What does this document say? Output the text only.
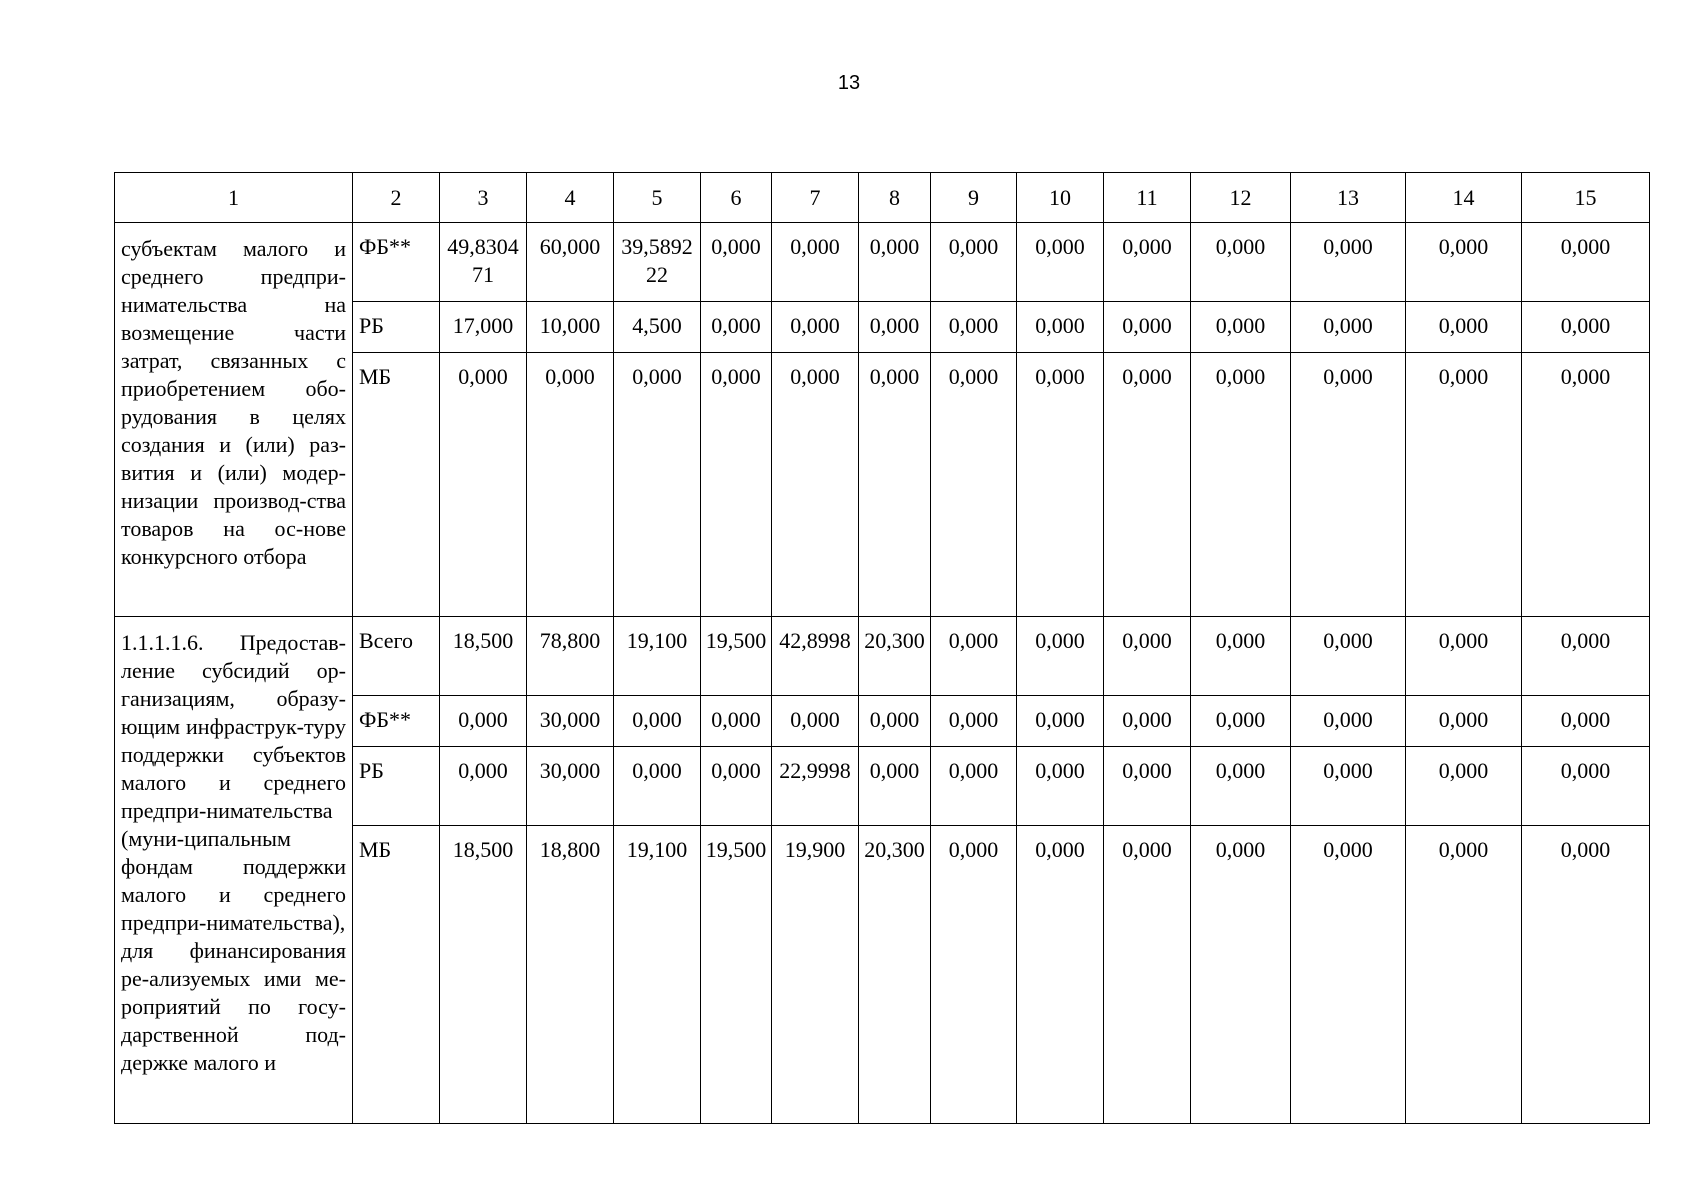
13
1	2	3	4	5	6	7	8	9	10	11	12	13	14	15
субъектам малого и среднего предпри-нимательства на возмещение части затрат, связанных с приобретением обо-рудования в целях создания и (или) раз-вития и (или) модер-низации производ-ства товаров на ос-нове конкурсного отбора	ФБ**	49,830471	60,000	39,589222	0,000	0,000	0,000	0,000	0,000	0,000	0,000	0,000	0,000	0,000
	РБ	17,000	10,000	4,500	0,000	0,000	0,000	0,000	0,000	0,000	0,000	0,000	0,000	0,000
	МБ	0,000	0,000	0,000	0,000	0,000	0,000	0,000	0,000	0,000	0,000	0,000	0,000	0,000
1.1.1.1.6. Предостав-ление субсидий ор-ганизациям, образу-ющим инфраструк-туру поддержки субъектов малого и среднего предпри-нимательства (муни-ципальным фондам поддержки малого и среднего предпри-нимательства), для финансирования ре-ализуемых ими ме-роприятий по госу-дарственной под-держке малого и	Всего	18,500	78,800	19,100	19,500	42,8998	20,300	0,000	0,000	0,000	0,000	0,000	0,000	0,000
	ФБ**	0,000	30,000	0,000	0,000	0,000	0,000	0,000	0,000	0,000	0,000	0,000	0,000	0,000
	РБ	0,000	30,000	0,000	0,000	22,9998	0,000	0,000	0,000	0,000	0,000	0,000	0,000	0,000
	МБ	18,500	18,800	19,100	19,500	19,900	20,300	0,000	0,000	0,000	0,000	0,000	0,000	0,000
